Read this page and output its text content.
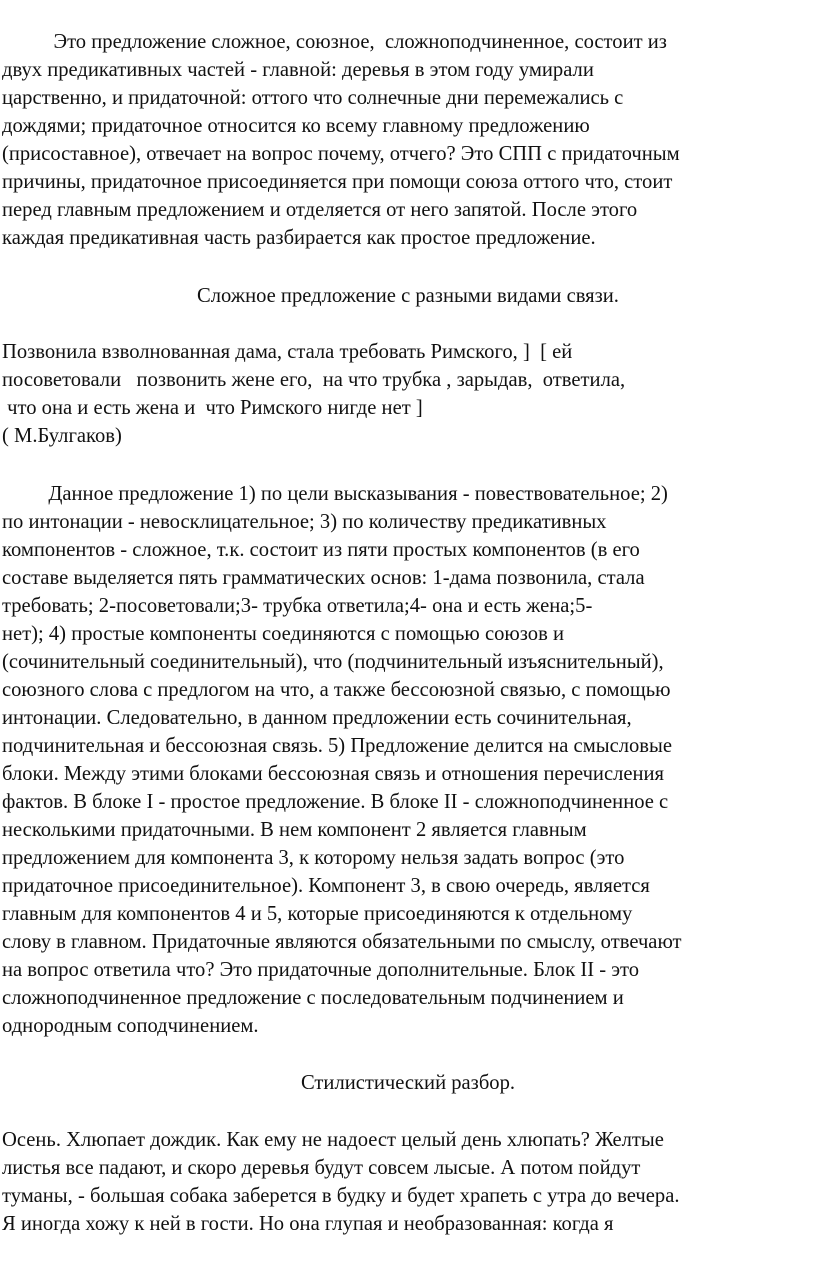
Это предложение сложное, союзное,  сложноподчиненное, состоит из
двух предикативных частей - главной: деревья в этом году умирали
царственно, и придаточной: оттого что солнечные дни перемежались с
дождями; придаточное относится ко всему главному предложению
(присоставное), отвечает на вопрос почему, отчего? Это СПП с придаточным
причины, придаточное присоединяется при помощи союза оттого что, стоит
перед главным предложением и отделяется от него запятой. После этого
каждая предикативная часть разбирается как простое предложение.
Сложное предложение с разными видами связи.
Позвонила взволнованная дама, стала требовать Римского, ]  [ ей
посоветовали   позвонить жене его,  на что трубка , зарыдав,  ответила,
что она и есть жена и  что Римского нигде нет ]
( М.Булгаков)
Данное предложение 1) по цели высказывания - повествовательное; 2)
по интонации - невосклицательное; 3) по количеству предикативных
компонентов - сложное, т.к. состоит из пяти простых компонентов (в его
составе выделяется пять грамматических основ: 1-дама позвонила, стала
требовать; 2-посоветовали;3- трубка ответила;4- она и есть жена;5-
нет); 4) простые компоненты соединяются с помощью союзов и
(сочинительный соединительный), что (подчинительный изъяснительный),
союзного слова с предлогом на что, а также бессоюзной связью, с помощью
интонации. Следовательно, в данном предложении есть сочинительная,
подчинительная и бессоюзная связь. 5) Предложение делится на смысловые
блоки. Между этими блоками бессоюзная связь и отношения перечисления
фактов. В блоке I - простое предложение. В блоке II - сложноподчиненное с
несколькими придаточными. В нем компонент 2 является главным
предложением для компонента 3, к которому нельзя задать вопрос (это
придаточное присоединительное). Компонент 3, в свою очередь, является
главным для компонентов 4 и 5, которые присоединяются к отдельному
слову в главном. Придаточные являются обязательными по смыслу, отвечают
на вопрос ответила что? Это придаточные дополнительные. Блок II - это
сложноподчиненное предложение с последовательным подчинением и
однородным соподчинением.
Стилистический разбор.
Осень. Хлюпает дождик. Как ему не надоест целый день хлюпать? Желтые
листья все падают, и скоро деревья будут совсем лысые. А потом пойдут
туманы, - большая собака заберется в будку и будет храпеть с утра до вечера.
Я иногда хожу к ней в гости. Но она глупая и необразованная: когда я
